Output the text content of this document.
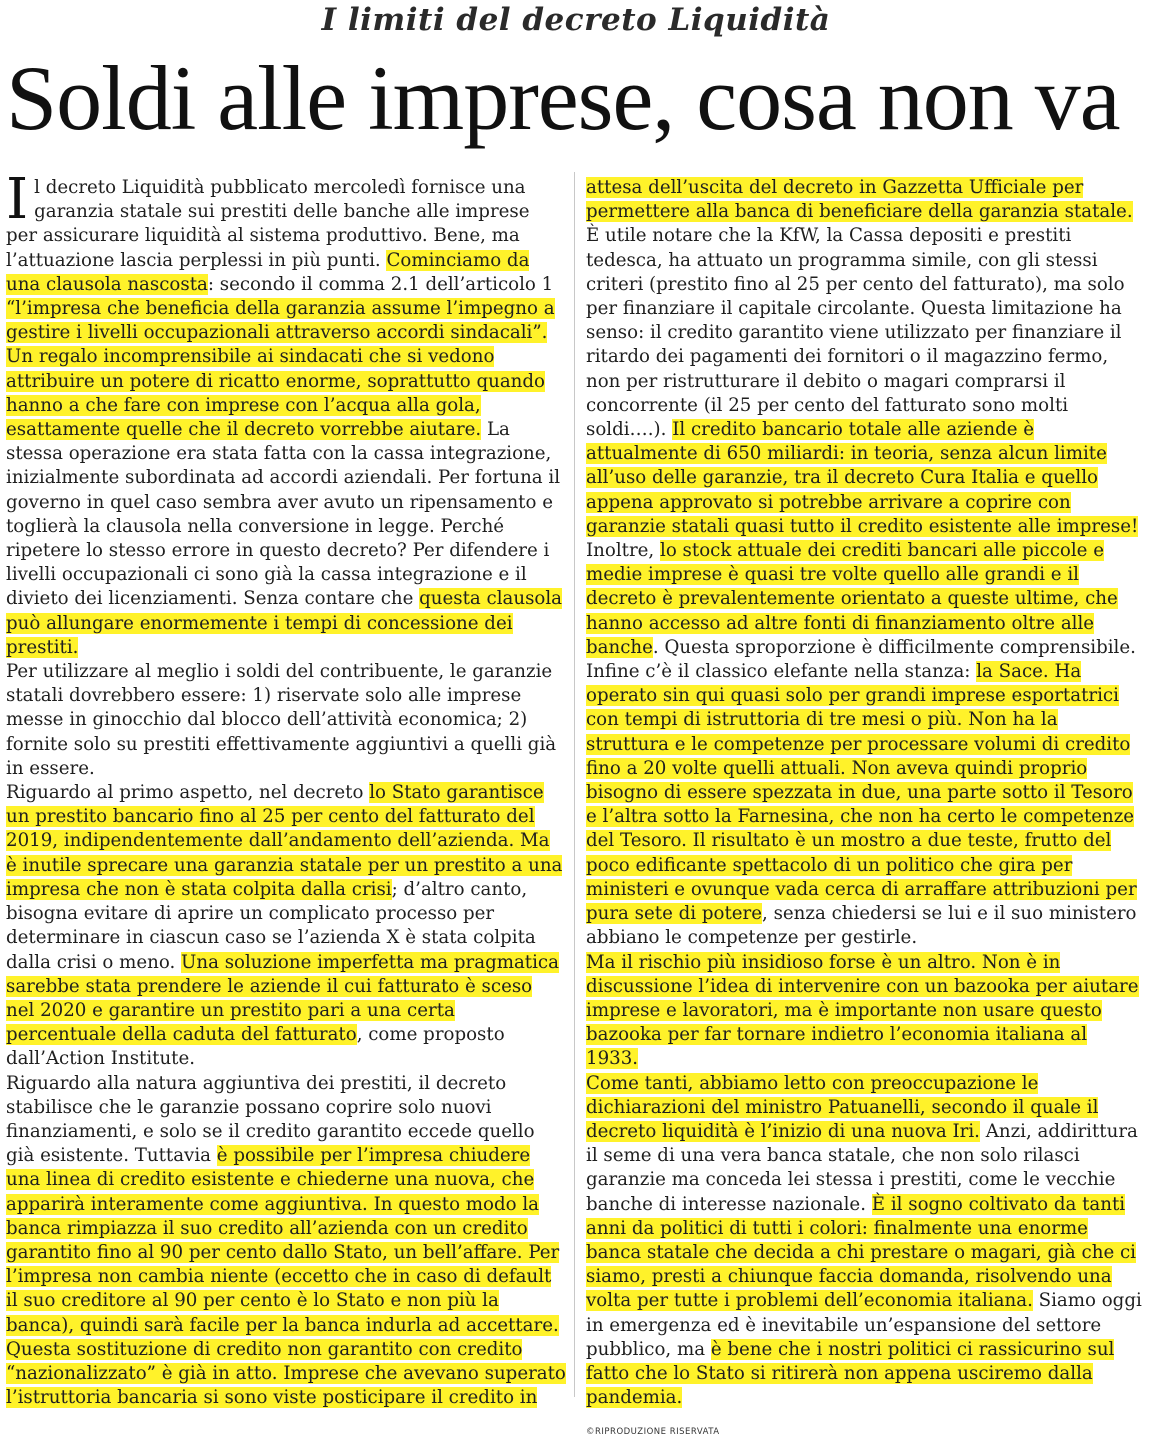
I limiti del decreto Liquidità
Soldi alle imprese, cosa non va

Il decreto Liquidità pubblicato mercoledì fornisce una garanzia statale sui prestiti delle banche alle imprese per assicurare liquidità al sistema produttivo. Bene, ma l’attuazione lascia perplessi in più punti. Cominciamo da una clausola nascosta: secondo il comma 2.1 dell’articolo 1 “l’impresa che beneficia della garanzia assume l’impegno a gestire i livelli occupazionali attraverso accordi sindacali”. Un regalo incomprensibile ai sindacati che si vedono attribuire un potere di ricatto enorme, soprattutto quando hanno a che fare con imprese con l’acqua alla gola, esattamente quelle che il decreto vorrebbe aiutare. La stessa operazione era stata fatta con la cassa integrazione, inizialmente subordinata ad accordi aziendali. Per fortuna il governo in quel caso sembra aver avuto un ripensamento e toglierà la clausola nella conversione in legge. Perché ripetere lo stesso errore in questo decreto? Per difendere i livelli occupazionali ci sono già la cassa integrazione e il divieto dei licenziamenti. Senza contare che questa clausola può allungare enormemente i tempi di concessione dei prestiti.

Per utilizzare al meglio i soldi del contribuente, le garanzie statali dovrebbero essere: 1) riservate solo alle imprese messe in ginocchio dal blocco dell’attività economica; 2) fornite solo su prestiti effettivamente aggiuntivi a quelli già in essere.

Riguardo al primo aspetto, nel decreto lo Stato garantisce un prestito bancario fino al 25 per cento del fatturato del 2019, indipendentemente dall’andamento dell’azienda. Ma è inutile sprecare una garanzia statale per un prestito a una impresa che non è stata colpita dalla crisi; d’altro canto, bisogna evitare di aprire un complicato processo per determinare in ciascun caso se l’azienda X è stata colpita dalla crisi o meno. Una soluzione imperfetta ma pragmatica sarebbe stata prendere le aziende il cui fatturato è sceso nel 2020 e garantire un prestito pari a una certa percentuale della caduta del fatturato, come proposto dall’Action Institute.

Riguardo alla natura aggiuntiva dei prestiti, il decreto stabilisce che le garanzie possano coprire solo nuovi finanziamenti, e solo se il credito garantito eccede quello già esistente. Tuttavia è possibile per l’impresa chiudere una linea di credito esistente e chiederne una nuova, che apparirà interamente come aggiuntiva. In questo modo la banca rimpiazza il suo credito all’azienda con un credito garantito fino al 90 per cento dallo Stato, un bell’affare. Per l’impresa non cambia niente (eccetto che in caso di default il suo creditore al 90 per cento è lo Stato e non più la banca), quindi sarà facile per la banca indurla ad accettare. Questa sostituzione di credito non garantito con credito “nazionalizzato” è già in atto. Imprese che avevano superato l’istruttoria bancaria si sono viste posticipare il credito in

attesa dell’uscita del decreto in Gazzetta Ufficiale per permettere alla banca di beneficiare della garanzia statale.

È utile notare che la KfW, la Cassa depositi e prestiti tedesca, ha attuato un programma simile, con gli stessi criteri (prestito fino al 25 per cento del fatturato), ma solo per finanziare il capitale circolante. Questa limitazione ha senso: il credito garantito viene utilizzato per finanziare il ritardo dei pagamenti dei fornitori o il magazzino fermo, non per ristrutturare il debito o magari comprarsi il concorrente (il 25 per cento del fatturato sono molti soldi….). Il credito bancario totale alle aziende è attualmente di 650 miliardi: in teoria, senza alcun limite all’uso delle garanzie, tra il decreto Cura Italia e quello appena approvato si potrebbe arrivare a coprire con garanzie statali quasi tutto il credito esistente alle imprese!

Inoltre, lo stock attuale dei crediti bancari alle piccole e medie imprese è quasi tre volte quello alle grandi e il decreto è prevalentemente orientato a queste ultime, che hanno accesso ad altre fonti di finanziamento oltre alle banche. Questa sproporzione è difficilmente comprensibile.

Infine c’è il classico elefante nella stanza: la Sace. Ha operato sin qui quasi solo per grandi imprese esportatrici con tempi di istruttoria di tre mesi o più. Non ha la struttura e le competenze per processare volumi di credito fino a 20 volte quelli attuali. Non aveva quindi proprio bisogno di essere spezzata in due, una parte sotto il Tesoro e l’altra sotto la Farnesina, che non ha certo le competenze del Tesoro. Il risultato è un mostro a due teste, frutto del poco edificante spettacolo di un politico che gira per ministeri e ovunque vada cerca di arraffare attribuzioni per pura sete di potere, senza chiedersi se lui e il suo ministero abbiano le competenze per gestirle.

Ma il rischio più insidioso forse è un altro. Non è in discussione l’idea di intervenire con un bazooka per aiutare imprese e lavoratori, ma è importante non usare questo bazooka per far tornare indietro l’economia italiana al 1933.

Come tanti, abbiamo letto con preoccupazione le dichiarazioni del ministro Patuanelli, secondo il quale il decreto liquidità è l’inizio di una nuova Iri. Anzi, addirittura il seme di una vera banca statale, che non solo rilasci garanzie ma conceda lei stessa i prestiti, come le vecchie banche di interesse nazionale. È il sogno coltivato da tanti anni da politici di tutti i colori: finalmente una enorme banca statale che decida a chi prestare o magari, già che ci siamo, presti a chiunque faccia domanda, risolvendo una volta per tutte i problemi dell’economia italiana. Siamo oggi in emergenza ed è inevitabile un’espansione del settore pubblico, ma è bene che i nostri politici ci rassicurino sul fatto che lo Stato si ritirerà non appena usciremo dalla pandemia.

©RIPRODUZIONE RISERVATA
